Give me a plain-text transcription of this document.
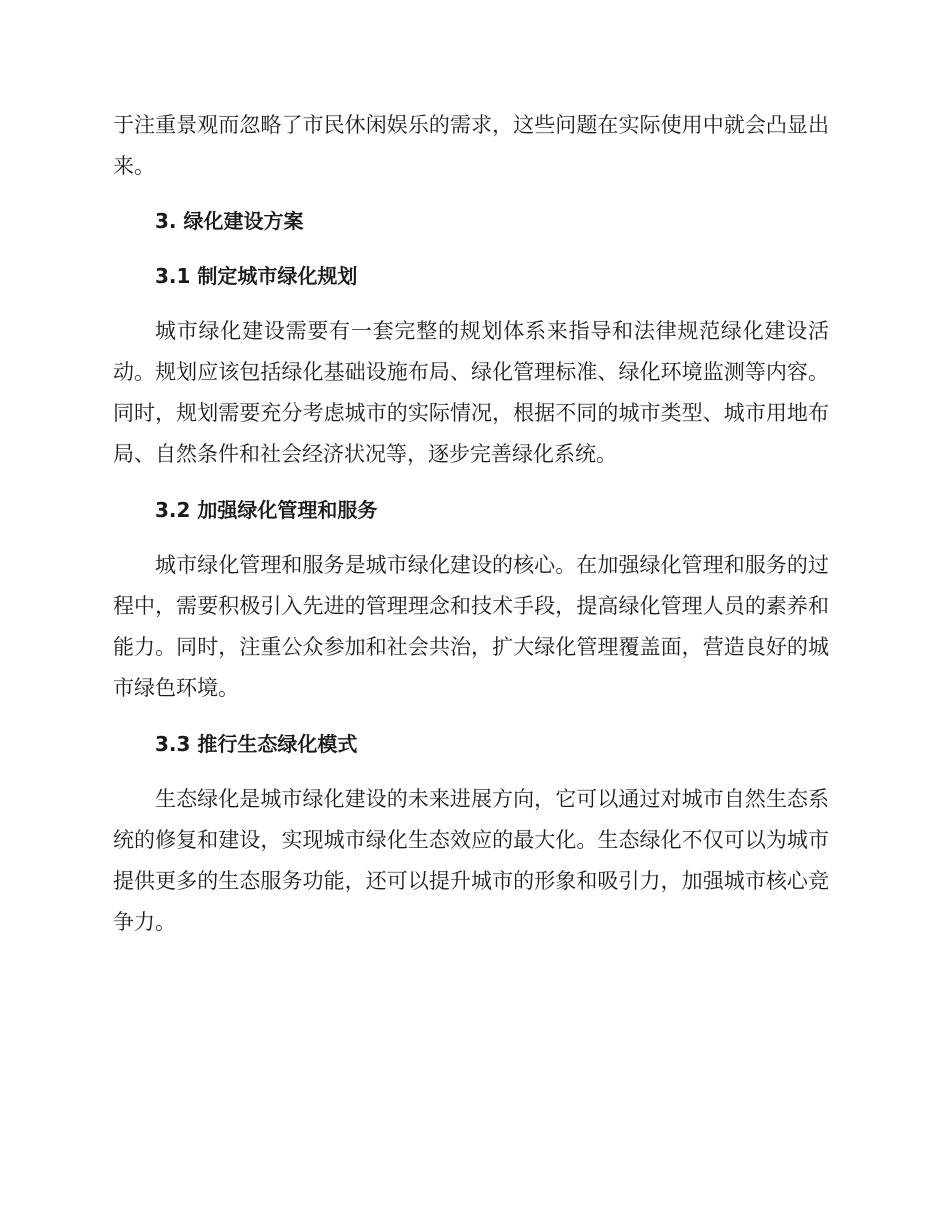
于注重景观而忽略了市民休闲娱乐的需求，这些问题在实际使用中就会凸显出来。

3. 绿化建设方案
3.1 制定城市绿化规划

城市绿化建设需要有一套完整的规划体系来指导和法律规范绿化建设活动。规划应该包括绿化基础设施布局、绿化管理标准、绿化环境监测等内容。同时，规划需要充分考虑城市的实际情况，根据不同的城市类型、城市用地布局、自然条件和社会经济状况等，逐步完善绿化系统。

3.2 加强绿化管理和服务

城市绿化管理和服务是城市绿化建设的核心。在加强绿化管理和服务的过程中，需要积极引入先进的管理理念和技术手段，提高绿化管理人员的素养和能力。同时，注重公众参加和社会共治，扩大绿化管理覆盖面，营造良好的城市绿色环境。

3.3 推行生态绿化模式

生态绿化是城市绿化建设的未来进展方向，它可以通过对城市自然生态系统的修复和建设，实现城市绿化生态效应的最大化。生态绿化不仅可以为城市提供更多的生态服务功能，还可以提升城市的形象和吸引力，加强城市核心竞争力。
